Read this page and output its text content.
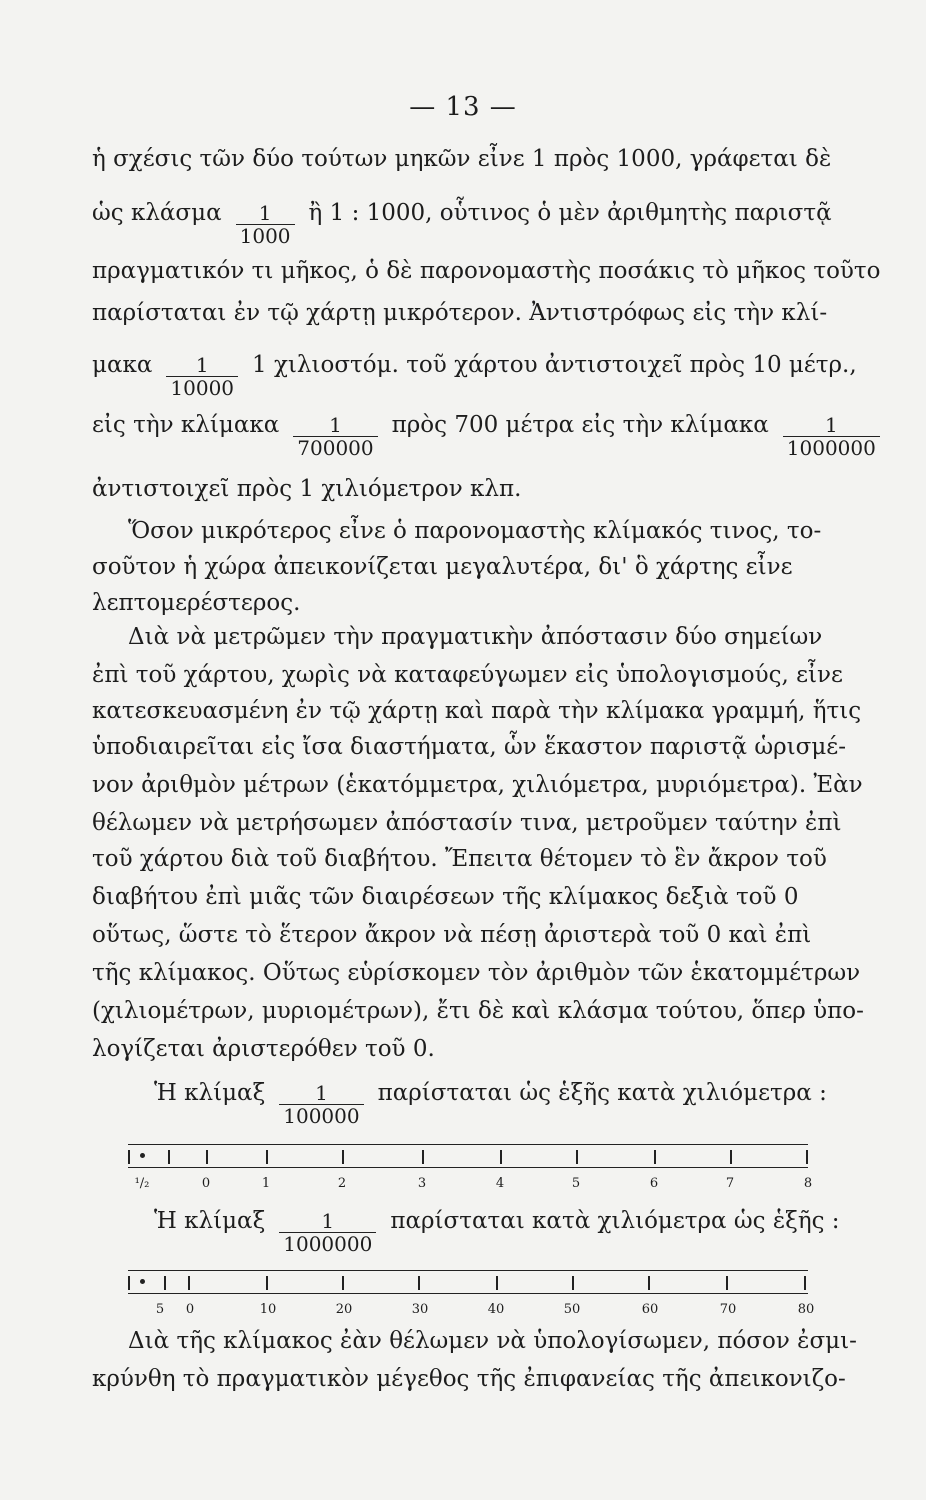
— 13 —
ἡ σχέσις τῶν δύο τούτων μηκῶν εἶνε 1 πρὸς 1000, γράφεται δὲ
ὡς κλάσμα $\frac{1}{1000}$ ἢ 1 : 1000, οὗτινος ὁ μὲν ἀριθμητὴς παριστᾷ
πραγματικόν τι μῆκος, ὁ δὲ παρονομαστὴς ποσάκις τὸ μῆκος τοῦτο
παρίσταται ἐν τῷ χάρτῃ μικρότερον. Ἀντιστρόφως εἰς τὴν κλί-
μακα $\frac{1}{10000} 1$ χιλιοστόμ. τοῦ χάρτου ἀντιστοιχεῖ πρὸς 10 μέτρ.,
εἰς τὴν κλίμακα $\frac{1}{700000}$ πρὸς 700 μέτρα εἰς τὴν κλίμακα $\frac{1}{1000000}$
ἀντιστοιχεῖ πρὸς 1 χιλιόμετρον κλπ.
Ὅσον μικρότερος εἶνε ὁ παρονομαστὴς κλίμακός τινος, το-
σοῦτον ἡ χώρα ἀπεικονίζεται μεγαλυτέρα, δι' ὃ χάρτης εἶνε
λεπτομερέστερος.
Διὰ νὰ μετρῶμεν τὴν πραγματικὴν ἀπόστασιν δύο σημείων
ἐπὶ τοῦ χάρτου, χωρὶς νὰ καταφεύγωμεν εἰς ὑπολογισμούς, εἶνε
κατεσκευασμένη ἐν τῷ χάρτῃ καὶ παρὰ τὴν κλίμακα γραμμή, ἥτις
ὑποδιαιρεῖται εἰς ἴσα διαστήματα, ὧν ἕκαστον παριστᾷ ὡρισμέ-
νον ἀριθμὸν μέτρων (ἑκατόμμετρα, χιλιόμετρα, μυριόμετρα). Ἐὰν
θέλωμεν νὰ μετρήσωμεν ἀπόστασίν τινα, μετροῦμεν ταύτην ἐπὶ
τοῦ χάρτου διὰ τοῦ διαβήτου. Ἔπειτα θέτομεν τὸ ἓν ἄκρον τοῦ
διαβήτου ἐπὶ μιᾶς τῶν διαιρέσεων τῆς κλίμακος δεξιὰ τοῦ 0
οὕτως, ὥστε τὸ ἕτερον ἄκρον νὰ πέσῃ ἀριστερὰ τοῦ 0 καὶ ἐπὶ
τῆς κλίμακος. Οὕτως εὑρίσκομεν τὸν ἀριθμὸν τῶν ἑκατομμέτρων
(χιλιομέτρων, μυριομέτρων), ἔτι δὲ καὶ κλάσμα τούτου, ὅπερ ὑπο-
λογίζεται ἀριστερόθεν τοῦ 0.
Ἡ κλίμαξ $\frac{1}{100000}$ παρίσταται ὡς ἑξῆς κατὰ χιλιόμετρα :
Ἡ κλίμαξ $\frac{1}{1000000}$ παρίσταται κατὰ χιλιόμετρα ὡς ἑξῆς :
Διὰ τῆς κλίμακος ἐὰν θέλωμεν νὰ ὑπολογίσωμεν, πόσον ἐσμι-
κρύνθη τὸ πραγματικὸν μέγεθος τῆς ἐπιφανείας τῆς ἀπεικονιζο-
¹/₂	0	1	2	3	4	5	6	7	8
5 0	10	20	30	40	50	60	70	80
